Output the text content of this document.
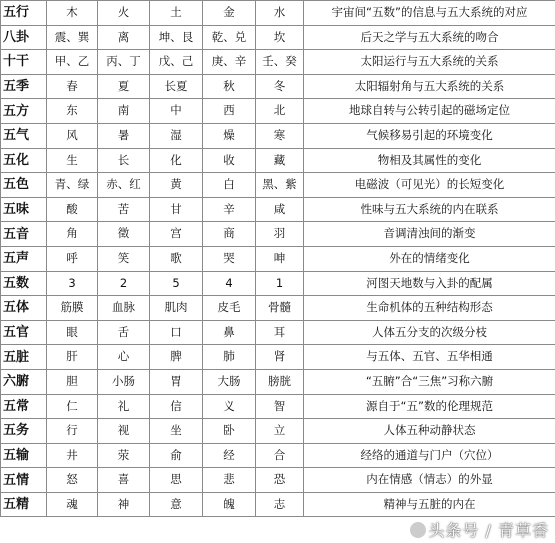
五行	木	火	土	金	水	宇宙间“五数”的信息与五大系统的对应
八卦	震、巽	离	坤、艮	乾、兑	坎	后天之学与五大系统的吻合
十干	甲、乙	丙、丁	戊、己	庚、辛	壬、癸	太阳运行与五大系统的关系
五季	春	夏	长夏	秋	冬	太阳辐射角与五大系统的关系
五方	东	南	中	西	北	地球自转与公转引起的磁场定位
五气	风	暑	湿	燥	寒	气候移易引起的环境变化
五化	生	长	化	收	藏	物相及其属性的变化
五色	青、绿	赤、红	黄	白	黑、紫	电磁波（可见光）的长短变化
五味	酸	苦	甘	辛	咸	性味与五大系统的内在联系
五音	角	徵	宫	商	羽	音调清浊间的渐变
五声	呼	笑	歌	哭	呻	外在的情绪变化
五数	3	2	5	4	1	河图天地数与入卦的配属
五体	筋膜	血脉	肌肉	皮毛	骨髓	生命机体的五种结构形态
五官	眼	舌	口	鼻	耳	人体五分支的次级分枝
五脏	肝	心	脾	肺	肾	与五体、五官、五华相通
六腑	胆	小肠	胃	大肠	膀胱	“五腑”合“三焦”习称六腑
五常	仁	礼	信	义	智	源自于“五”数的伦理规范
五务	行	视	坐	卧	立	人体五种动静状态
五输	井	荥	俞	经	合	经络的通道与门户（穴位）
五情	怒	喜	思	悲	恐	内在情感（情志）的外显
五精	魂	神	意	魄	志	精神与五脏的内在
头条号 / 青草香
